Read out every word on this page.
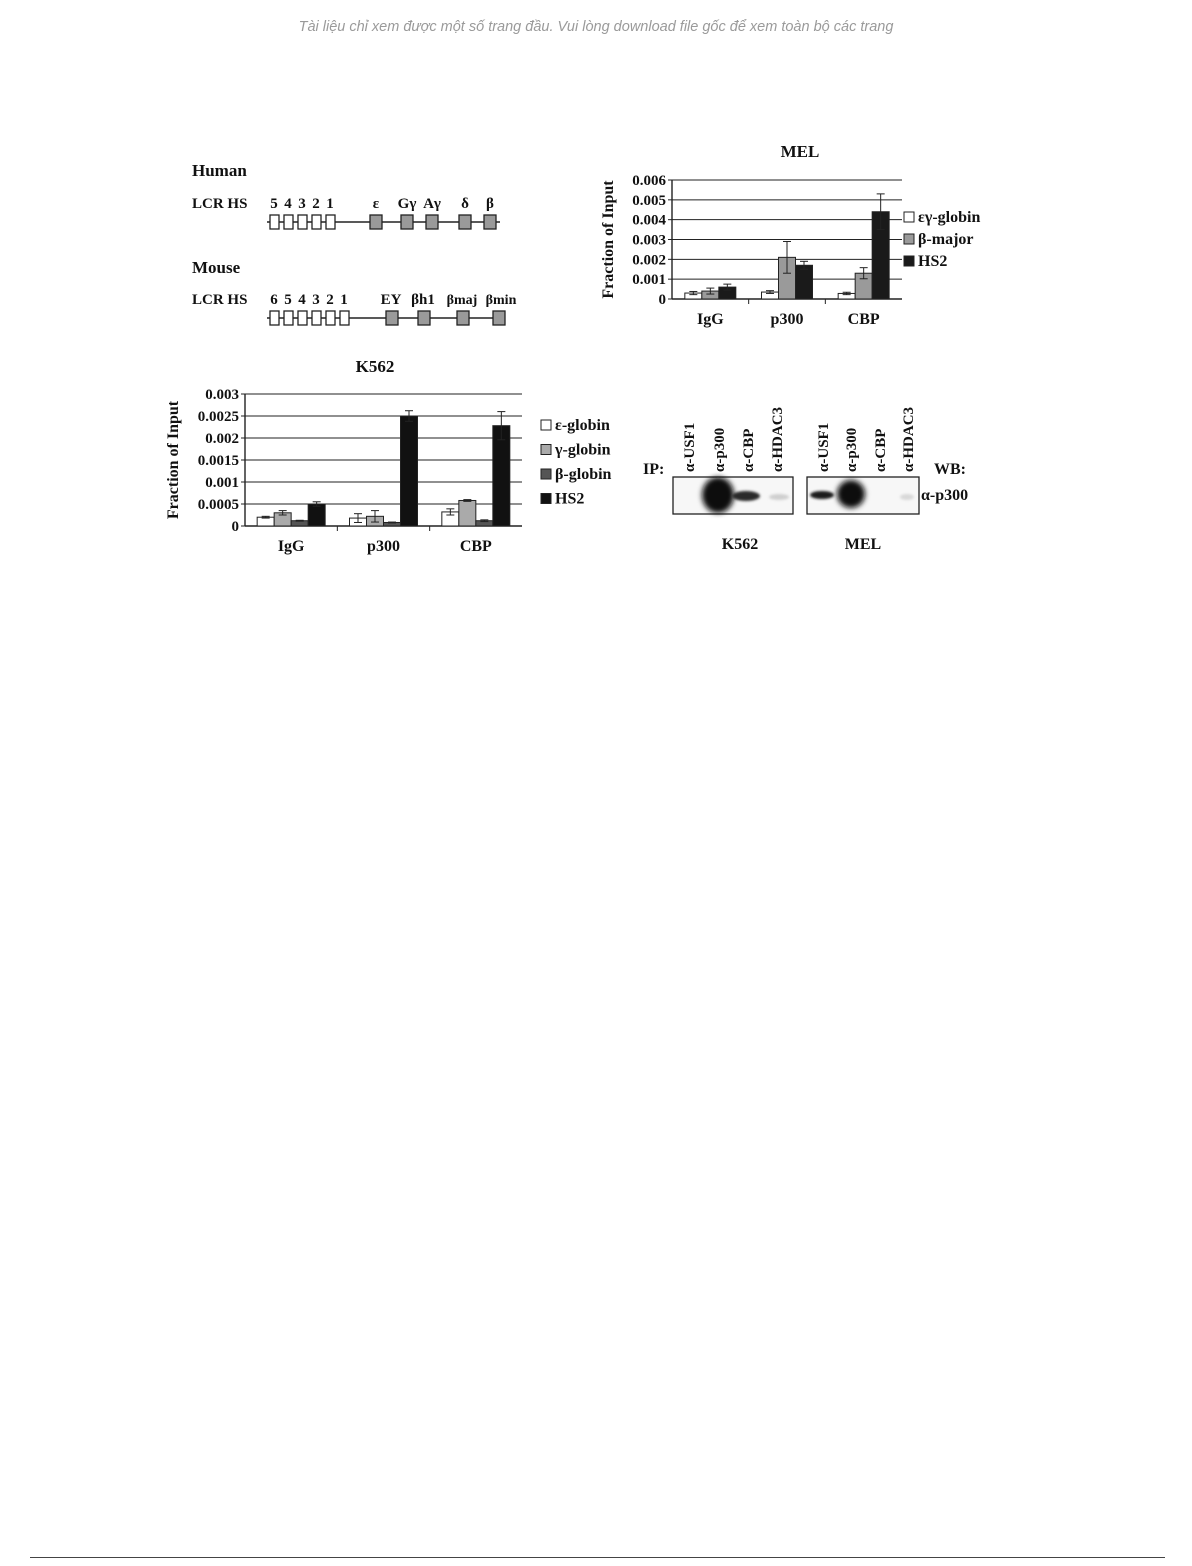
Tài liệu chỉ xem được một số trang đầu. Vui lòng download file gốc để xem toàn bộ các trang
Human
LCR HS 5 4 3 2 1	ε Gγ Aγ δ β
Mouse
LCR HS 6 5 4 3 2 1 EY βh1 βmaj βmin
MEL
0
0.001
0.002
0.003
0.004
0.005
0.006
Fraction of Input
IgG	p300	CBP
εγ-globin
β-major
HS2
K562
0
0.0005
0.001
0.0015
0.002
0.0025
0.003
Fraction of Input
IgG	p300	CBP
ε-globin
γ-globin
β-globin
HS2
IP:	WB:
α-p300
α-USF1 α-p300 α-CBP α-HDAC3 α-USF1 α-p300 α-CBP α-HDAC3
K562	MEL
